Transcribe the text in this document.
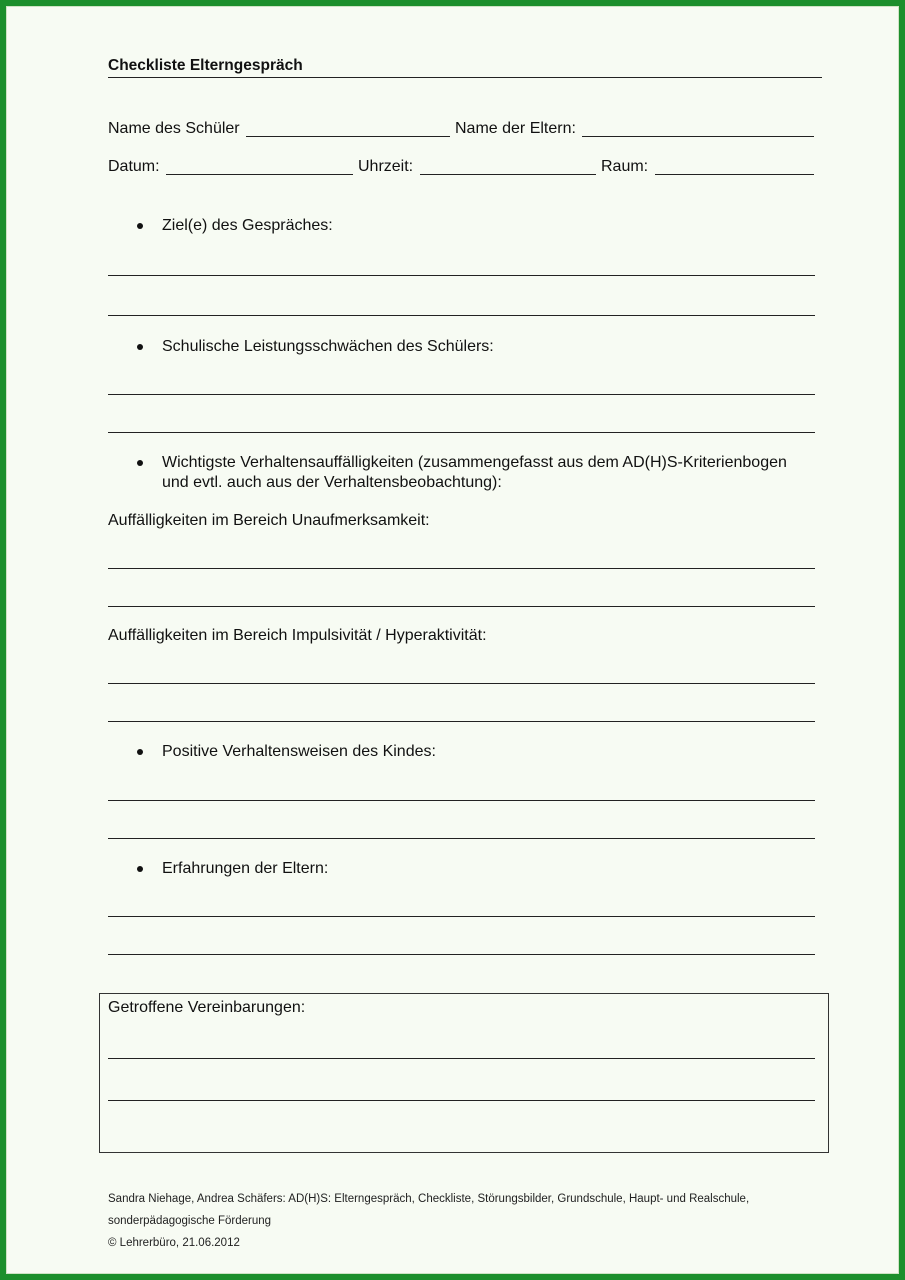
Checkliste Elterngespräch
Name des Schüler	Name der Eltern:
Datum:	Uhrzeit:	Raum:
Ziel(e) des Gespräches:
Schulische Leistungsschwächen des Schülers:
Wichtigste Verhaltensauffälligkeiten (zusammengefasst aus dem AD(H)S-Kriterienbogen
und evtl. auch aus der Verhaltensbeobachtung):
Auffälligkeiten im Bereich Unaufmerksamkeit:
Auffälligkeiten im Bereich Impulsivität / Hyperaktivität:
Positive Verhaltensweisen des Kindes:
Erfahrungen der Eltern:
Getroffene Vereinbarungen:
Sandra Niehage, Andrea Schäfers: AD(H)S: Elterngespräch, Checkliste, Störungsbilder, Grundschule, Haupt- und Realschule,
sonderpädagogische Förderung
© Lehrerbüro, 21.06.2012
